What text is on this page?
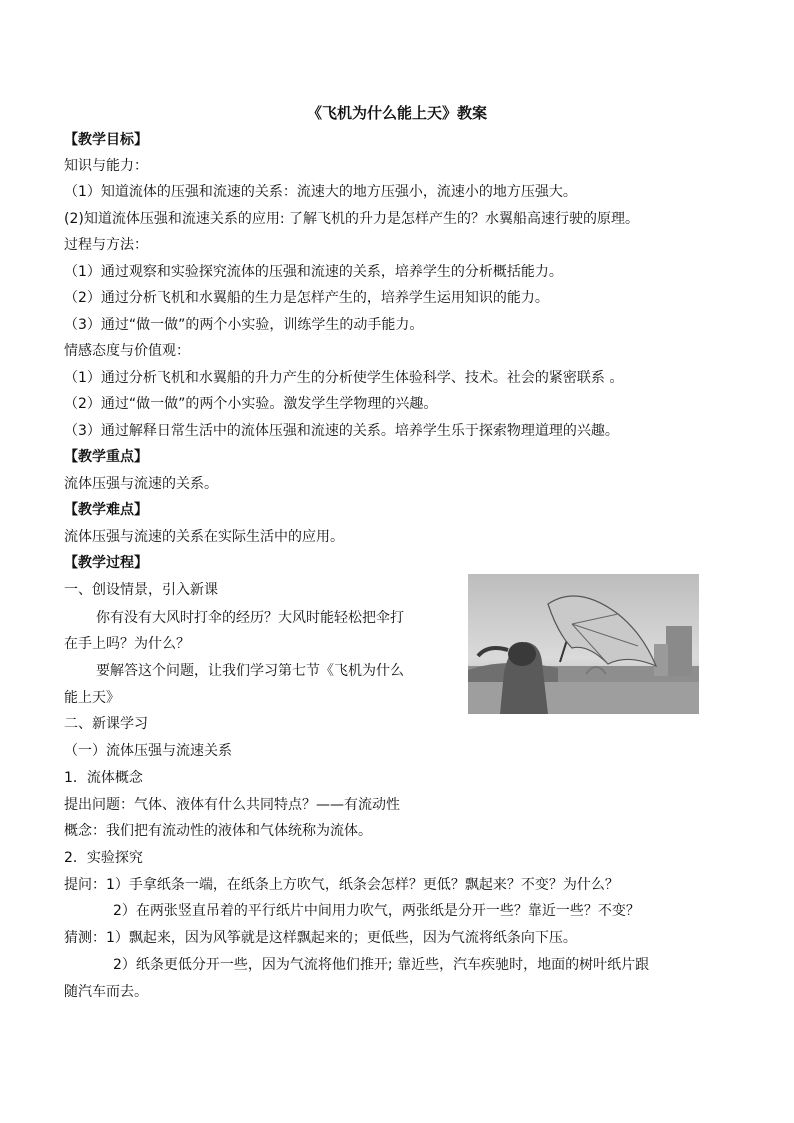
《飞机为什么能上天》教案
【教学目标】
知识与能力：
（1）知道流体的压强和流速的关系：流速大的地方压强小，流速小的地方压强大。
(2)知道流体压强和流速关系的应用: 了解飞机的升力是怎样产生的？水翼船高速行驶的原理。
过程与方法：
（1）通过观察和实验探究流体的压强和流速的关系，培养学生的分析概括能力。
（2）通过分析飞机和水翼船的生力是怎样产生的，培养学生运用知识的能力。
（3）通过“做一做”的两个小实验，训练学生的动手能力。
情感态度与价值观：
（1）通过分析飞机和水翼船的升力产生的分析使学生体验科学、技术。社会的紧密联系 。
（2）通过“做一做”的两个小实验。激发学生学物理的兴趣。
（3）通过解释日常生活中的流体压强和流速的关系。培养学生乐于探索物理道理的兴趣。
【教学重点】
流体压强与流速的关系。
【教学难点】
流体压强与流速的关系在实际生活中的应用。
【教学过程】
一、创设情景，引入新课
你有没有大风时打伞的经历？大风时能轻松把伞打
在手上吗？为什么？
要解答这个问题，让我们学习第七节《飞机为什么
能上天》
二、新课学习
（一）流体压强与流速关系
1．流体概念
提出问题：气体、液体有什么共同特点？——有流动性
概念：我们把有流动性的液体和气体统称为流体。
2．实验探究
提问：1）手拿纸条一端，在纸条上方吹气，纸条会怎样？更低？飘起来？不变？为什么？
2）在两张竖直吊着的平行纸片中间用力吹气，两张纸是分开一些？靠近一些？不变？
猜测：1）飘起来，因为风筝就是这样飘起来的；更低些，因为气流将纸条向下压。
2）纸条更低分开一些，因为气流将他们推开; 靠近些，汽车疾驰时，地面的树叶纸片跟
随汽车而去。
